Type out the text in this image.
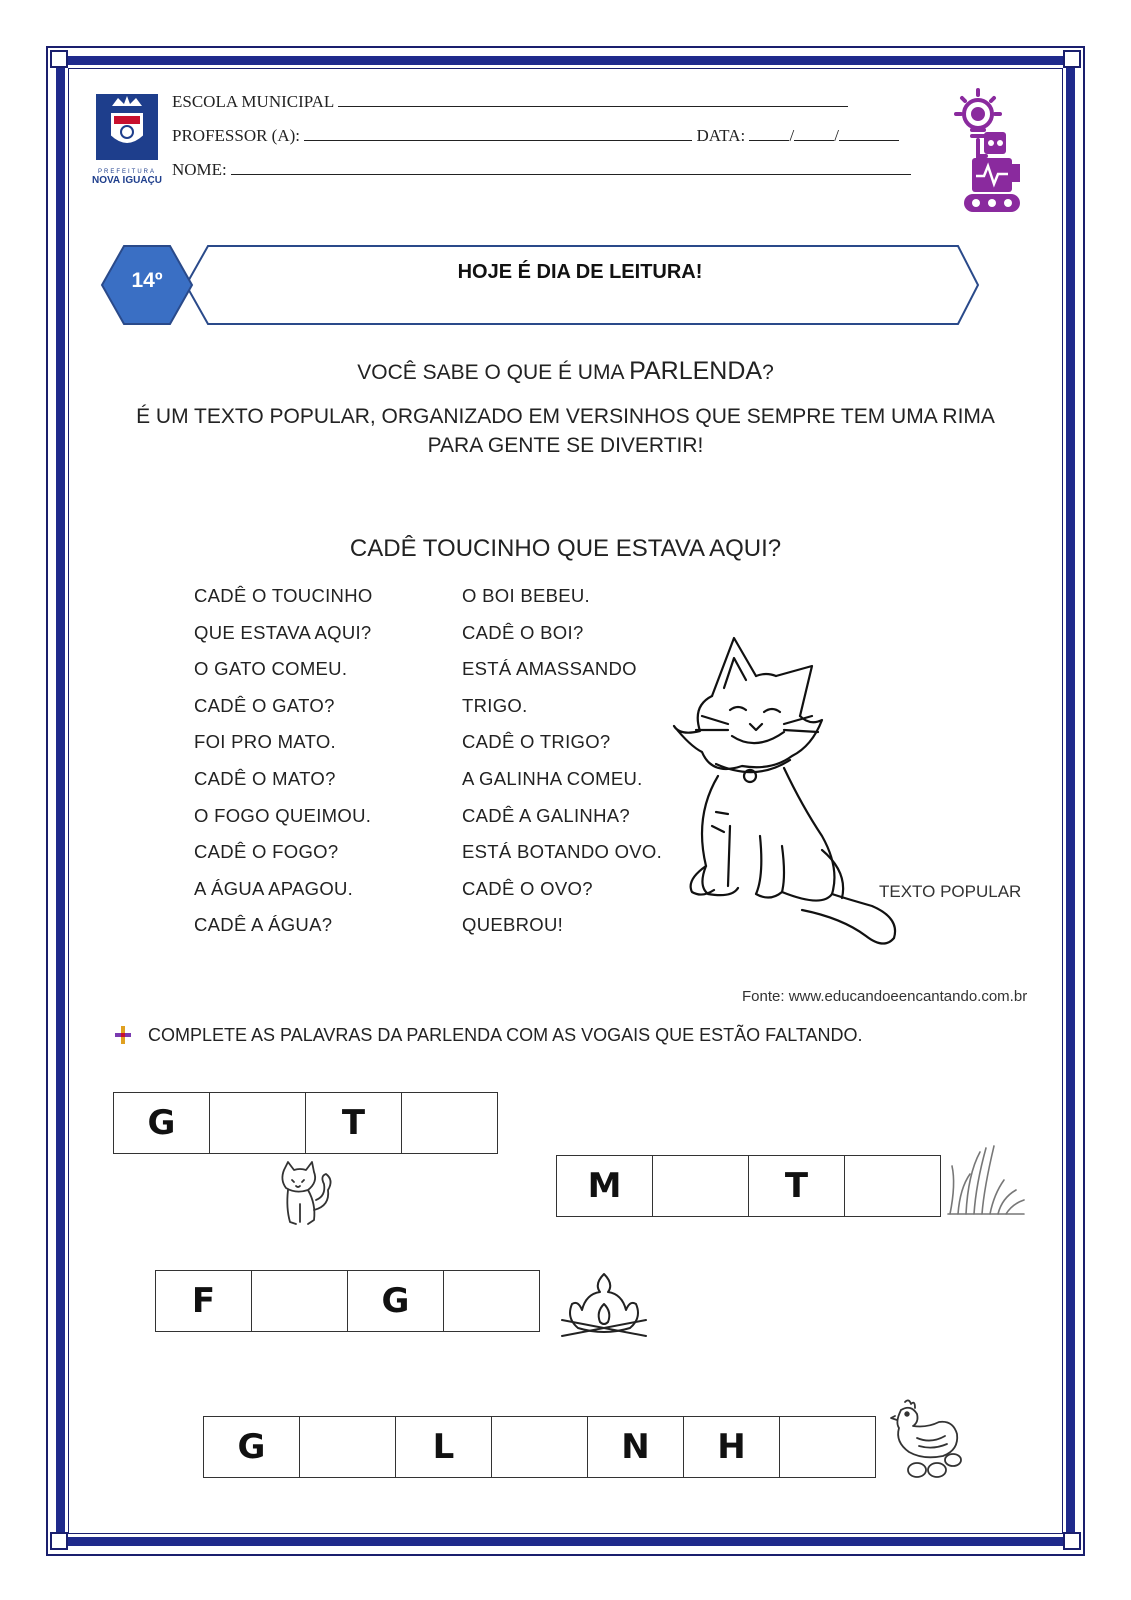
PREFEITURA
NOVA IGUAÇU
ESCOLA MUNICIPAL
PROFESSOR (A):	DATA:	/ /
NOME:
14º	HOJE É DIA DE LEITURA!
VOCÊ SABE O QUE É UMA PARLENDA?
É UM TEXTO POPULAR, ORGANIZADO EM VERSINHOS QUE SEMPRE TEM UMA RIMA
PARA GENTE SE DIVERTIR!
CADÊ TOUCINHO QUE ESTAVA AQUI?
CADÊ O TOUCINHO
QUE ESTAVA AQUI?
O GATO COMEU.
CADÊ O GATO?
FOI PRO MATO.
CADÊ O MATO?
O FOGO QUEIMOU.
CADÊ O FOGO?
A ÁGUA APAGOU.
CADÊ A ÁGUA?
O BOI BEBEU.
CADÊ O BOI?
ESTÁ AMASSANDO
TRIGO.
CADÊ O TRIGO?
A GALINHA COMEU.
CADÊ A GALINHA?
ESTÁ BOTANDO OVO.
CADÊ O OVO?
QUEBROU!
TEXTO POPULAR
Fonte: www.educandoeencantando.com.br
COMPLETE AS PALAVRAS DA PARLENDA COM AS VOGAIS QUE ESTÃO FALTANDO.
G	T
M	T
F	G
G	L	N	H
